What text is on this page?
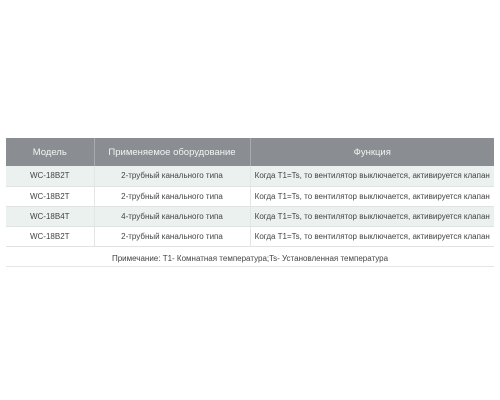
Модель	Применяемое оборудование	Функция
WC-18B2T	2-трубный канального типа	Когда T1=Ts, то вентилятор выключается, активируется клапан
WC-18B2T	2-трубный канального типа	Когда T1=Ts, то вентилятор выключается, активируется клапан
WC-18B4T	4-трубный канального типа	Когда T1=Ts, то вентилятор выключается, активируется клапан
WC-18B2T	2-трубный канального типа	Когда T1=Ts, то вентилятор выключается, активируется клапан
Примечание: T1- Комнатная температура;Ts- Установленная температура
